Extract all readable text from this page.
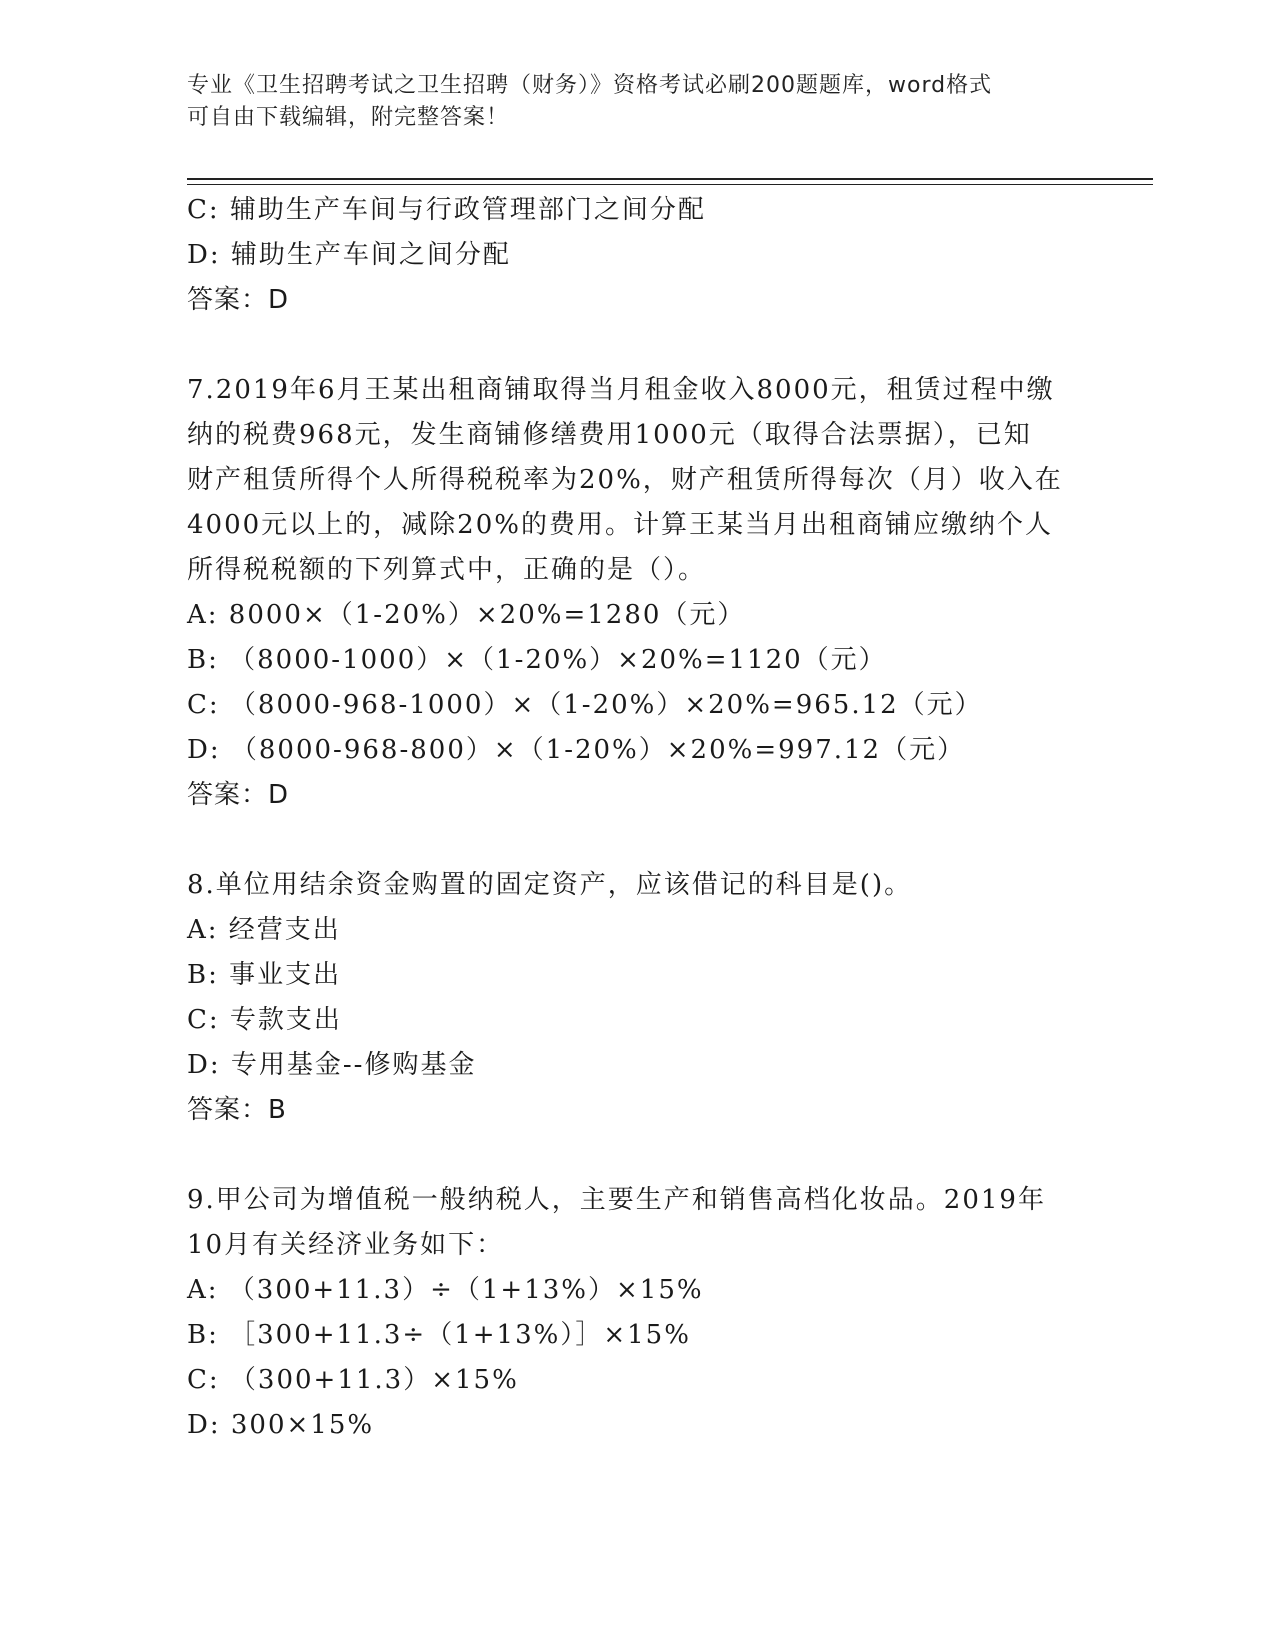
专业《卫生招聘考试之卫生招聘（财务）》资格考试必刷200题题库，word格式
可自由下载编辑，附完整答案！
C: 辅助生产车间与行政管理部门之间分配
D: 辅助生产车间之间分配
答案：D
7.2019年6月王某出租商铺取得当月租金收入8000元，租赁过程中缴
纳的税费968元，发生商铺修缮费用1000元（取得合法票据），已知
财产租赁所得个人所得税税率为20%，财产租赁所得每次（月）收入在
4000元以上的，减除20%的费用。计算王某当月出租商铺应缴纳个人
所得税税额的下列算式中，正确的是（）。
A: 8000×（1-20%）×20%=1280（元）
B: （8000-1000）×（1-20%）×20%=1120（元）
C: （8000-968-1000）×（1-20%）×20%=965.12（元）
D: （8000-968-800）×（1-20%）×20%=997.12（元）
答案：D
8.单位用结余资金购置的固定资产，应该借记的科目是()。
A: 经营支出
B: 事业支出
C: 专款支出
D: 专用基金--修购基金
答案：B
9.甲公司为增值税一般纳税人，主要生产和销售高档化妆品。2019年
10月有关经济业务如下：
A: （300+11.3）÷（1+13%）×15%
B: ［300+11.3÷（1+13%）］×15%
C: （300+11.3）×15%
D: 300×15%
